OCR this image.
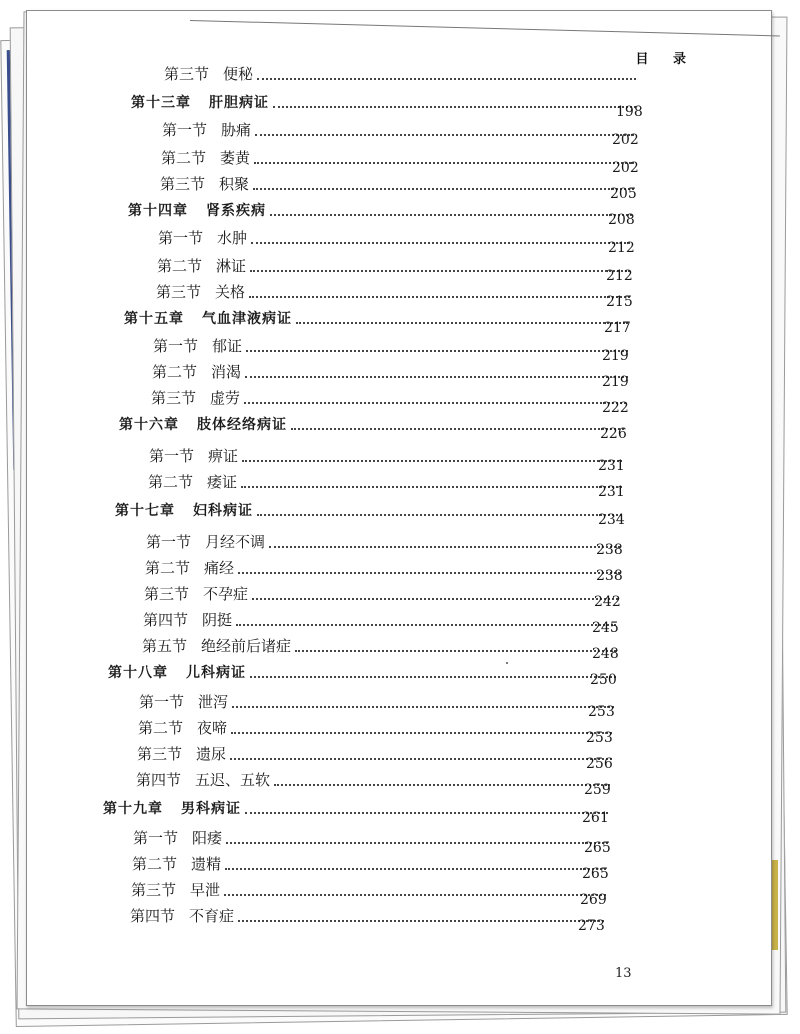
目 录
第三节 便秘
第十三章 肝胆病证
第一节 胁痛
第二节 萎黄
第三节 积聚
第十四章 肾系疾病
第一节 水肿
第二节 淋证
第三节 关格
第十五章 气血津液病证
第一节 郁证
第二节 消渴
第三节 虚劳
第十六章 肢体经络病证
第一节 痹证
第二节 痿证
第十七章 妇科病证
第一节 月经不调
第二节 痛经
第三节 不孕症
第四节 阴挺
第五节 绝经前后诸症
第十八章 儿科病证
第一节 泄泻
第二节 夜啼
第三节 遗尿
第四节 五迟、五软
第十九章 男科病证
第一节 阳痿
第二节 遗精
第三节 早泄
第四节 不育症
198
202
202
205
208
212
212
215
217
219
219
222
226
231
231
234
238
238
242
245
248
250
253
253
256
259
261
265
265
269
273
13
